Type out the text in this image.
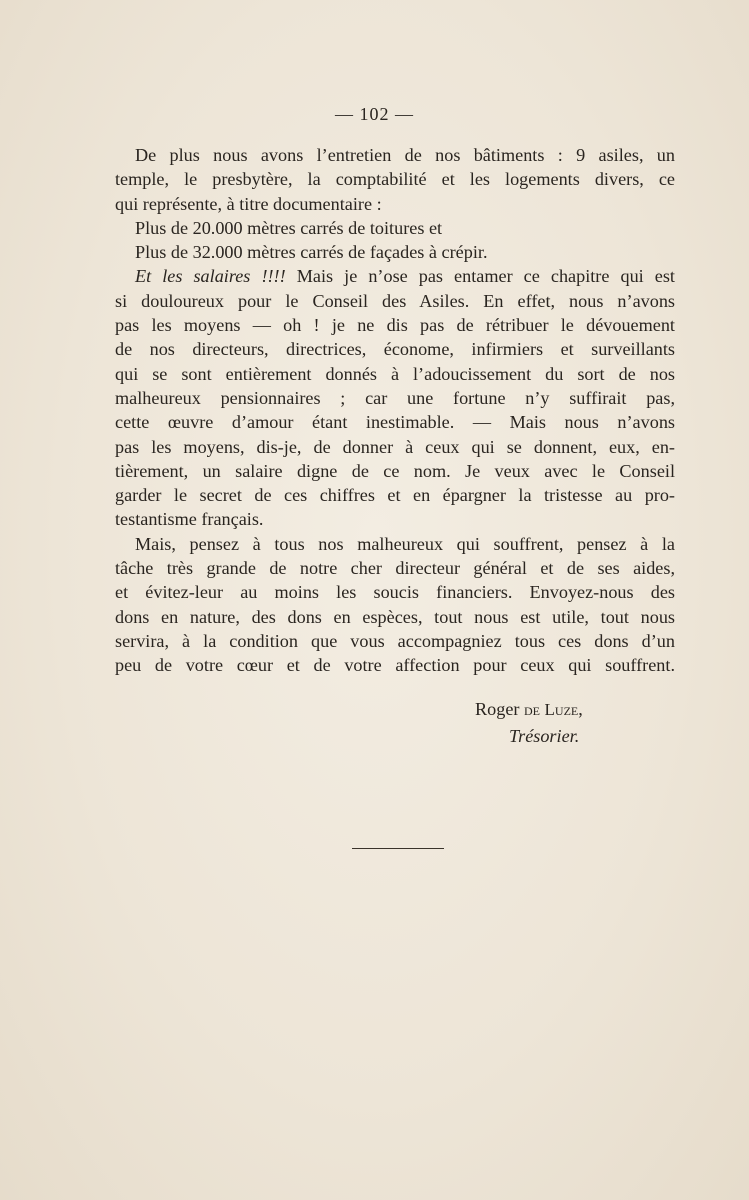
— 102 —
De plus nous avons l’entretien de nos bâtiments : 9 asiles, un
temple, le presbytère, la comptabilité et les logements divers, ce
qui représente, à titre documentaire :
Plus de 20.000 mètres carrés de toitures et
Plus de 32.000 mètres carrés de façades à crépir.
Et les salaires !!!! Mais je n’ose pas entamer ce chapitre qui est
si douloureux pour le Conseil des Asiles. En effet, nous n’avons
pas les moyens — oh ! je ne dis pas de rétribuer le dévouement
de nos directeurs, directrices, économe, infirmiers et surveillants
qui se sont entièrement donnés à l’adoucissement du sort de nos
malheureux pensionnaires ; car une fortune n’y suffirait pas,
cette œuvre d’amour étant inestimable. — Mais nous n’avons
pas les moyens, dis-je, de donner à ceux qui se donnent, eux, en-
tièrement, un salaire digne de ce nom. Je veux avec le Conseil
garder le secret de ces chiffres et en épargner la tristesse au pro-
testantisme français.
Mais, pensez à tous nos malheureux qui souffrent, pensez à la
tâche très grande de notre cher directeur général et de ses aides,
et évitez-leur au moins les soucis financiers. Envoyez-nous des
dons en nature, des dons en espèces, tout nous est utile, tout nous
servira, à la condition que vous accompagniez tous ces dons d’un
peu de votre cœur et de votre affection pour ceux qui souffrent.
Roger de Luze,
Trésorier.
